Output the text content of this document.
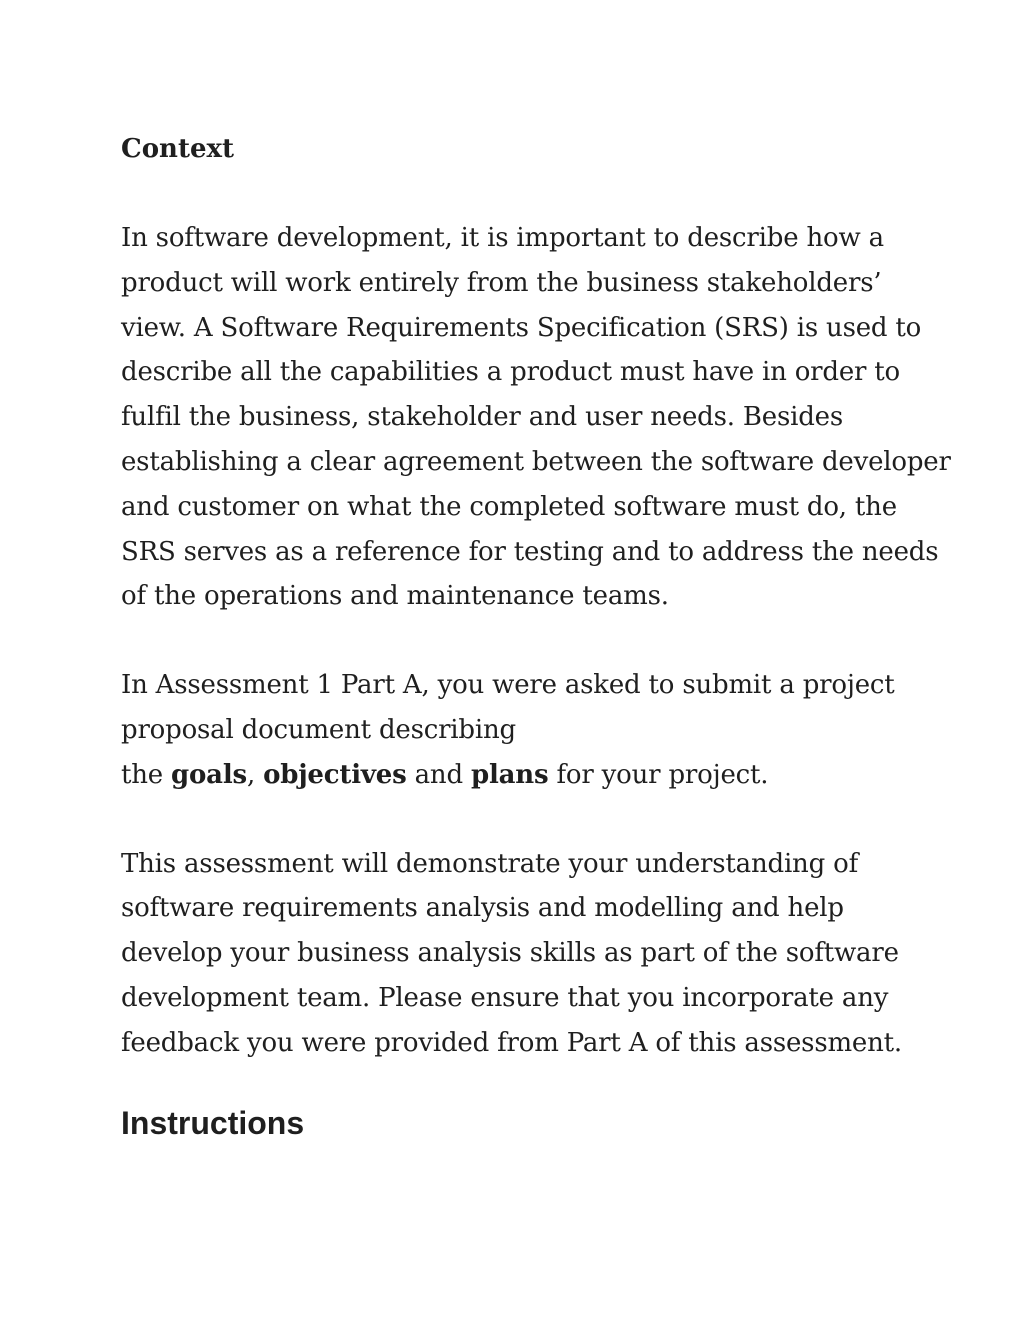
Context

In software development, it is important to describe how a
product will work entirely from the business stakeholders’
view. A Software Requirements Specification (SRS) is used to
describe all the capabilities a product must have in order to
fulfil the business, stakeholder and user needs. Besides
establishing a clear agreement between the software developer
and customer on what the completed software must do, the
SRS serves as a reference for testing and to address the needs
of the operations and maintenance teams.

In Assessment 1 Part A, you were asked to submit a project
proposal document describing
the goals, objectives and plans for your project.

This assessment will demonstrate your understanding of
software requirements analysis and modelling and help
develop your business analysis skills as part of the software
development team. Please ensure that you incorporate any
feedback you were provided from Part A of this assessment.

Instructions
